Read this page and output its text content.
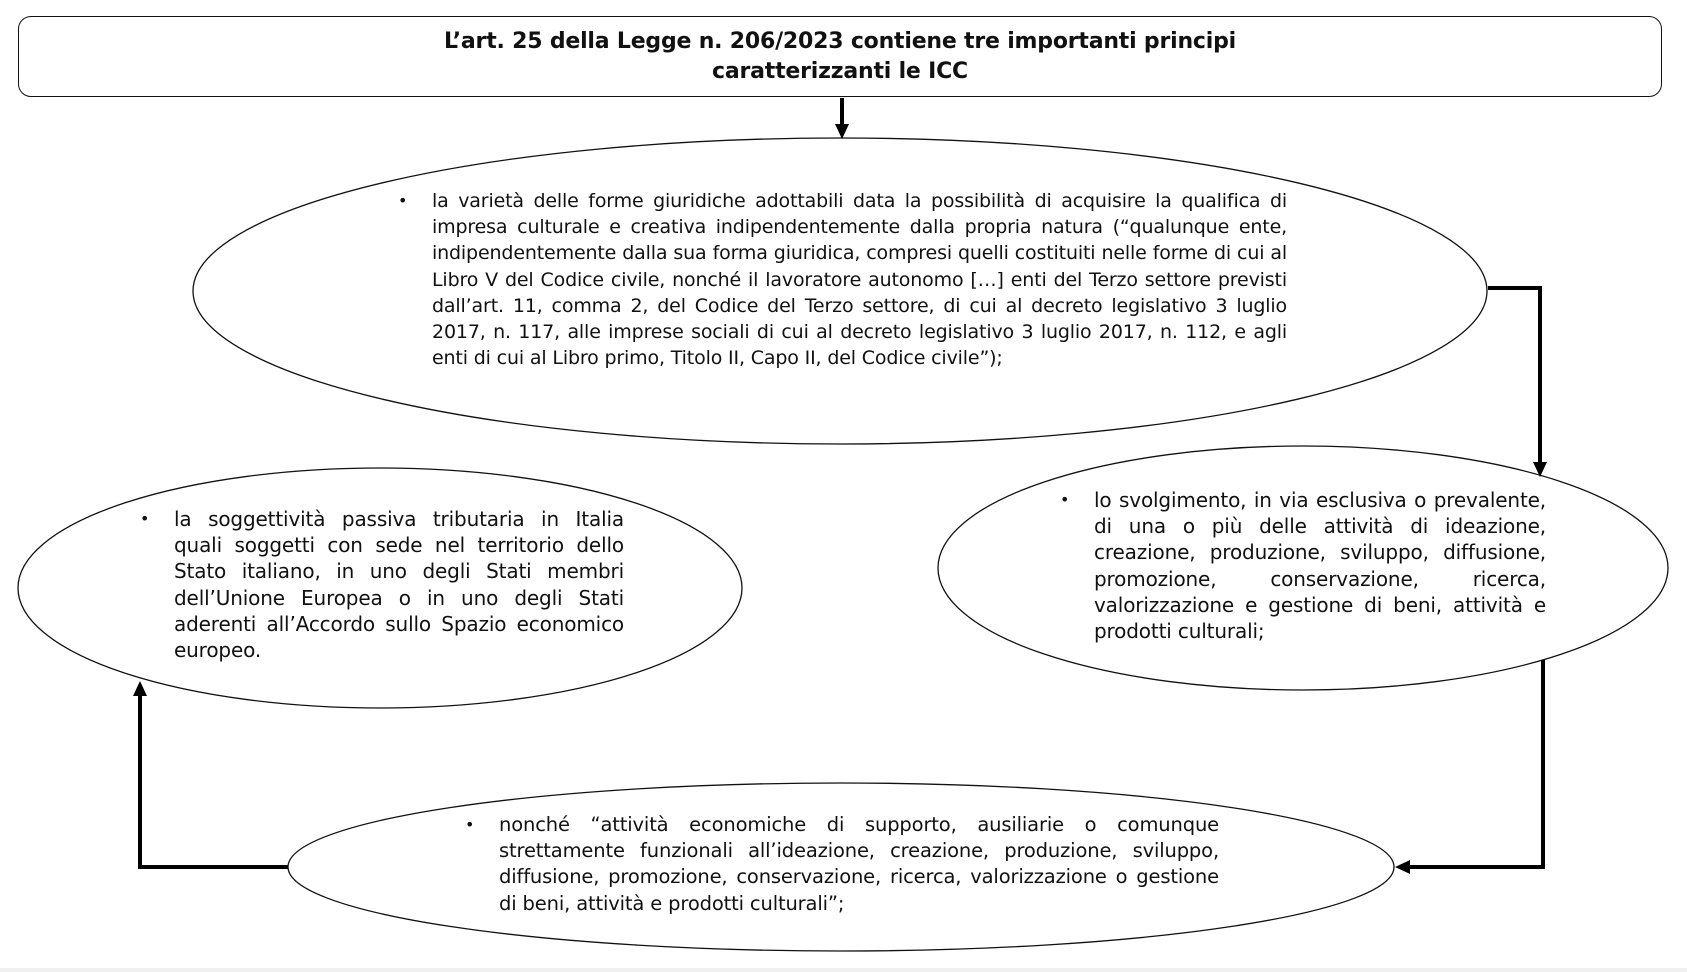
L’art. 25 della Legge n. 206/2023 contiene tre importanti principi caratterizzanti le ICC
• la varietà delle forme giuridiche adottabili data la possibilità di acquisire la qualifica di impresa culturale e creativa indipendentemente dalla propria natura (“qualunque ente, indipendentemente dalla sua forma giuridica, compresi quelli costituiti nelle forme di cui al Libro V del Codice civile, nonché il lavoratore autonomo […] enti del Terzo settore previsti dall’art. 11, comma 2, del Codice del Terzo settore, di cui al decreto legislativo 3 luglio 2017, n. 117, alle imprese sociali di cui al decreto legislativo 3 luglio 2017, n. 112, e agli enti di cui al Libro primo, Titolo II, Capo II, del Codice civile”);
• lo svolgimento, in via esclusiva o prevalente, di una o più delle attività di ideazione, creazione, produzione, sviluppo, diffusione, promozione, conservazione, ricerca, valorizzazione e gestione di beni, attività e prodotti culturali;
• nonché “attività economiche di supporto, ausiliarie o comunque strettamente funzionali all’ideazione, creazione, produzione, sviluppo, diffusione, promozione, conservazione, ricerca, valorizzazione o gestione di beni, attività e prodotti culturali”;
• la soggettività passiva tributaria in Italia quali soggetti con sede nel territorio dello Stato italiano, in uno degli Stati membri dell’Unione Europea o in uno degli Stati aderenti all’Accordo sullo Spazio economico europeo.
